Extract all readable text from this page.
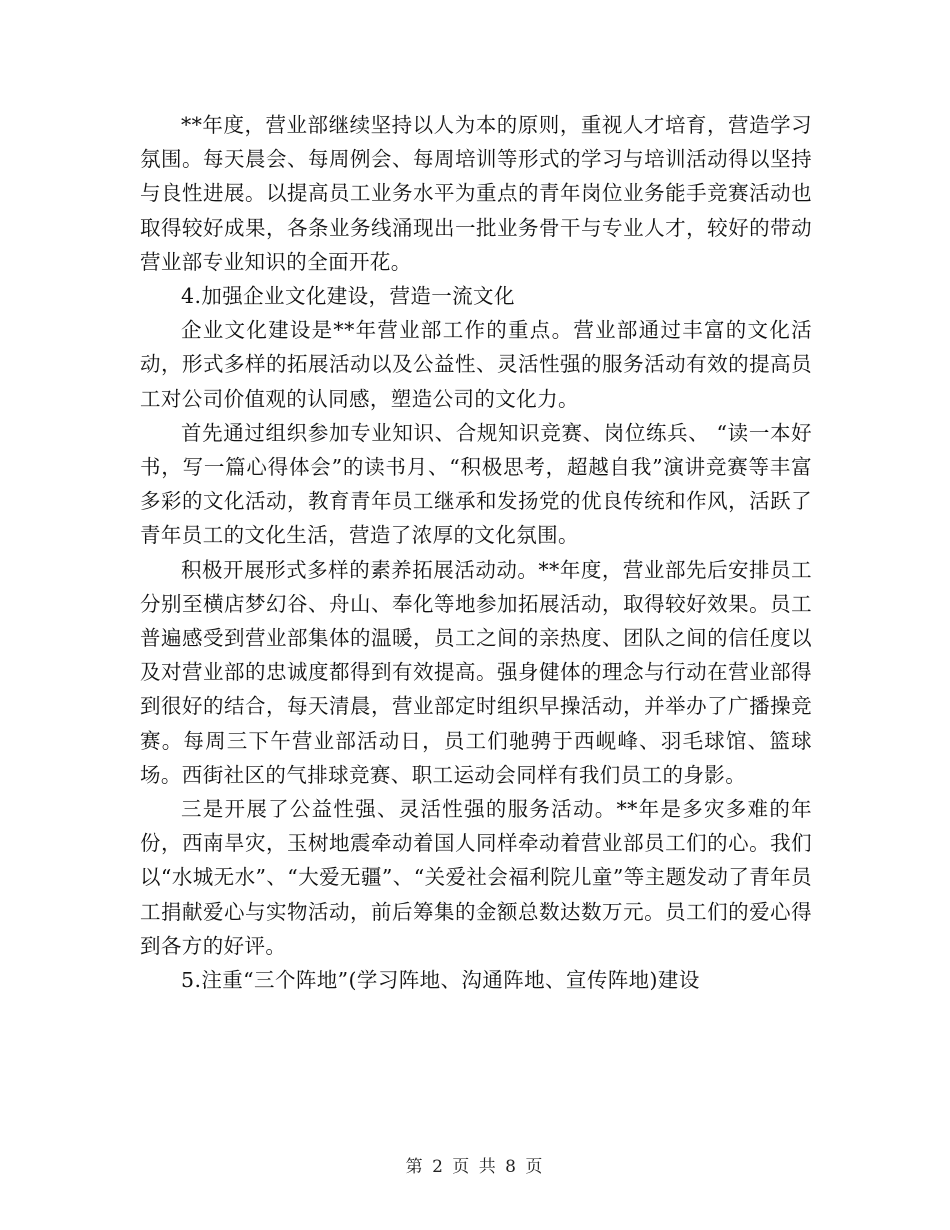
**年度，营业部继续坚持以人为本的原则，重视人才培育，营造学习氛围。每天晨会、每周例会、每周培训等形式的学习与培训活动得以坚持与良性进展。以提高员工业务水平为重点的青年岗位业务能手竞赛活动也取得较好成果，各条业务线涌现出一批业务骨干与专业人才，较好的带动营业部专业知识的全面开花。

4.加强企业文化建设，营造一流文化

企业文化建设是**年营业部工作的重点。营业部通过丰富的文化活动，形式多样的拓展活动以及公益性、灵活性强的服务活动有效的提高员工对公司价值观的认同感，塑造公司的文化力。

首先通过组织参加专业知识、合规知识竞赛、岗位练兵、 “读一本好书，写一篇心得体会”的读书月、“积极思考，超越自我”演讲竞赛等丰富多彩的文化活动，教育青年员工继承和发扬党的优良传统和作风，活跃了青年员工的文化生活，营造了浓厚的文化氛围。

积极开展形式多样的素养拓展活动动。**年度，营业部先后安排员工分别至横店梦幻谷、舟山、奉化等地参加拓展活动，取得较好效果。员工普遍感受到营业部集体的温暖，员工之间的亲热度、团队之间的信任度以及对营业部的忠诚度都得到有效提高。强身健体的理念与行动在营业部得到很好的结合，每天清晨，营业部定时组织早操活动，并举办了广播操竞赛。每周三下午营业部活动日，员工们驰骋于西岘峰、羽毛球馆、篮球场。西街社区的气排球竞赛、职工运动会同样有我们员工的身影。

三是开展了公益性强、灵活性强的服务活动。**年是多灾多难的年份，西南旱灾，玉树地震牵动着国人同样牵动着营业部员工们的心。我们以“水城无水”、“大爱无疆”、“关爱社会福利院儿童”等主题发动了青年员工捐献爱心与实物活动，前后筹集的金额总数达数万元。员工们的爱心得到各方的好评。

5.注重“三个阵地”(学习阵地、沟通阵地、宣传阵地)建设

第 2 页 共 8 页
